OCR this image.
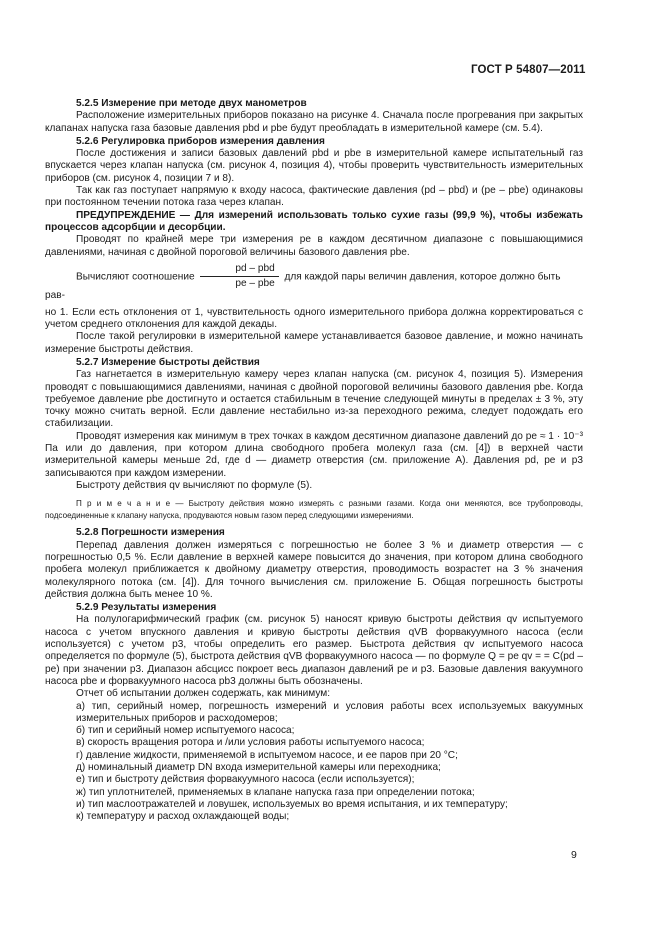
ГОСТ Р 54807—2011

5.2.5 Измерение при методе двух манометров

Расположение измерительных приборов показано на рисунке 4. Сначала после прогревания при закрытых клапанах напуска газа базовые давления pbd и pbe будут преобладать в измерительной камере (см. 5.4).

5.2.6 Регулировка приборов измерения давления

После достижения и записи базовых давлений pbd и pbe в измерительной камере испытательный газ впускается через клапан напуска (см. рисунок 4, позиция 4), чтобы проверить чувствительность измерительных приборов (см. рисунок 4, позиции 7 и 8).

Так как газ поступает напрямую к входу насоса, фактические давления (pd – pbd) и (pe – pbe) одинаковы при постоянном течении потока газа через клапан.

ПРЕДУПРЕЖДЕНИЕ — Для измерений использовать только сухие газы (99,9 %), чтобы избежать процессов адсорбции и десорбции.

Проводят по крайней мере три измерения pe в каждом десятичном диапазоне с повышающимися давлениями, начиная с двойной пороговой величины базового давления pbe.

Вычисляют соотношение $\frac{\text{pd – pbd}}{\text{pe – pbe}}$ для каждой пары величин давления, которое должно быть рав-

но 1. Если есть отклонения от 1, чувствительность одного измерительного прибора должна корректироваться с учетом среднего отклонения для каждой декады.

После такой регулировки в измерительной камере устанавливается базовое давление, и можно начинать измерение быстроты действия.

5.2.7 Измерение быстроты действия

Газ нагнетается в измерительную камеру через клапан напуска (см. рисунок 4, позиция 5). Измерения проводят с повышающимися давлениями, начиная с двойной пороговой величины базового давления pbe. Когда требуемое давление pbe достигнуто и остается стабильным в течение следующей минуты в пределах ± 3 %, эту точку можно считать верной. Если давление нестабильно из-за переходного режима, следует подождать его стабилизации.

Проводят измерения как минимум в трех точках в каждом десятичном диапазоне давлений до pe ≈ 1 · 10⁻³ Па или до давления, при котором длина свободного пробега молекул газа (см. [4]) в верхней части измерительной камеры меньше 2d, где d — диаметр отверстия (см. приложение А). Давления pd, pe и p3 записываются при каждом измерении.

Быстроту действия qv вычисляют по формуле (5).

П р и м е ч а н и е — Быстроту действия можно измерять с разными газами. Когда они меняются, все трубопроводы, подсоединенные к клапану напуска, продуваются новым газом перед следующими измерениями.

5.2.8 Погрешности измерения

Перепад давления должен измеряться с погрешностью не более 3 % и диаметр отверстия — с погрешностью 0,5 %. Если давление в верхней камере повысится до значения, при котором длина свободного пробега молекул приближается к двойному диаметру отверстия, проводимость возрастет на 3 % значения молекулярного потока (см. [4]). Для точного вычисления см. приложение Б. Общая погрешность быстроты действия должна быть менее 10 %.

5.2.9 Результаты измерения

На полулогарифмический график (см. рисунок 5) наносят кривую быстроты действия qv испытуемого насоса с учетом впускного давления и кривую быстроты действия qVB форвакуумного насоса (если используется) с учетом p3, чтобы определить его размер. Быстрота действия qv испытуемого насоса определяется по формуле (5), быстрота действия qVB форвакуумного насоса — по формуле Q = pe qv = = C(pd – pe) при значении p3. Диапазон абсцисс покроет весь диапазон давлений pe и p3. Базовые давления вакуумного насоса pbe и форвакуумного насоса pb3 должны быть обозначены.

Отчет об испытании должен содержать, как минимум:

а) тип, серийный номер, погрешность измерений и условия работы всех используемых вакуумных измерительных приборов и расходомеров;

б) тип и серийный номер испытуемого насоса;

в) скорость вращения ротора и /или условия работы испытуемого насоса;

г) давление жидкости, применяемой в испытуемом насосе, и ее паров при 20 °C;

д) номинальный диаметр DN входа измерительной камеры или переходника;

е) тип и быстроту действия форвакуумного насоса (если используется);

ж) тип уплотнителей, применяемых в клапане напуска газа при определении потока;

и) тип маслоотражателей и ловушек, используемых во время испытания, и их температуру;

к) температуру и расход охлаждающей воды;

9
